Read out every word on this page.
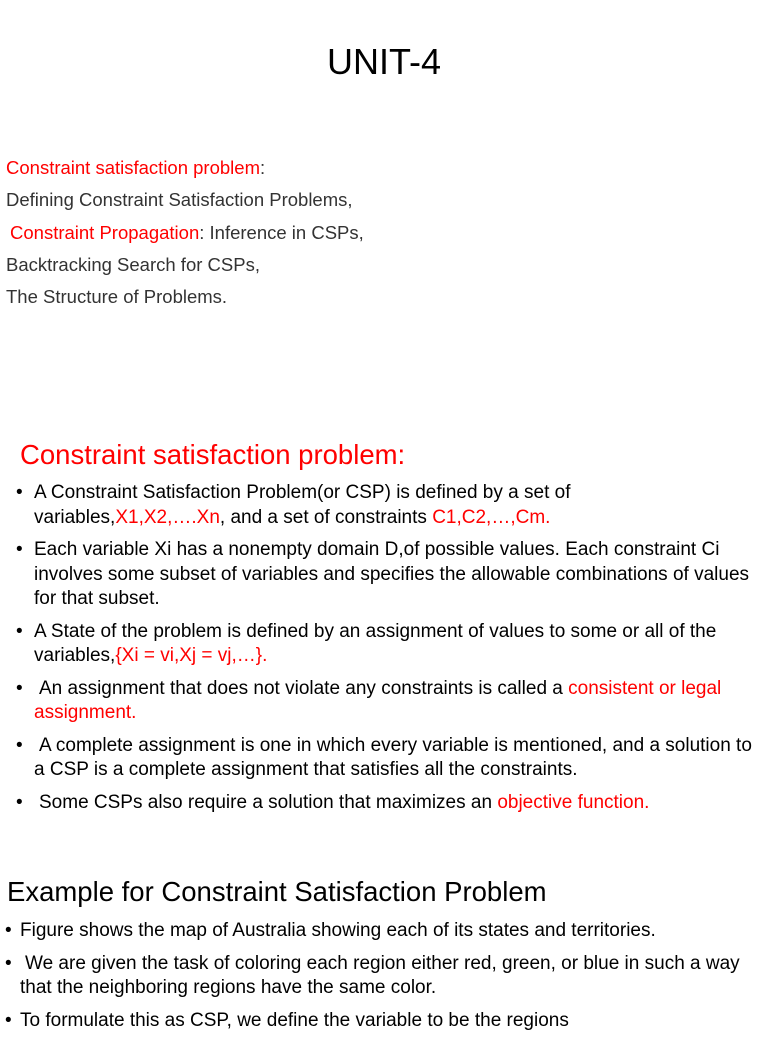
UNIT-4
Constraint satisfaction problem:
Defining Constraint Satisfaction Problems,
Constraint Propagation: Inference in CSPs,
Backtracking Search for CSPs,
The Structure of Problems.
Constraint satisfaction problem:
• A Constraint Satisfaction Problem(or CSP) is defined by a set of variables,X1,X2,….Xn, and a set of constraints C1,C2,…,Cm.
• Each variable Xi has a nonempty domain D,of possible values. Each constraint Ci involves some subset of variables and specifies the allowable combinations of values for that subset.
• A State of the problem is defined by an assignment of values to some or all of the variables,{Xi = vi,Xj = vj,…}.
• An assignment that does not violate any constraints is called a consistent or legal assignment.
• A complete assignment is one in which every variable is mentioned, and a solution to a CSP is a complete assignment that satisfies all the constraints.
• Some CSPs also require a solution that maximizes an objective function.
Example for Constraint Satisfaction Problem
• Figure shows the map of Australia showing each of its states and territories.
• We are given the task of coloring each region either red, green, or blue in such a way that the neighboring regions have the same color.
• To formulate this as CSP, we define the variable to be the regions
